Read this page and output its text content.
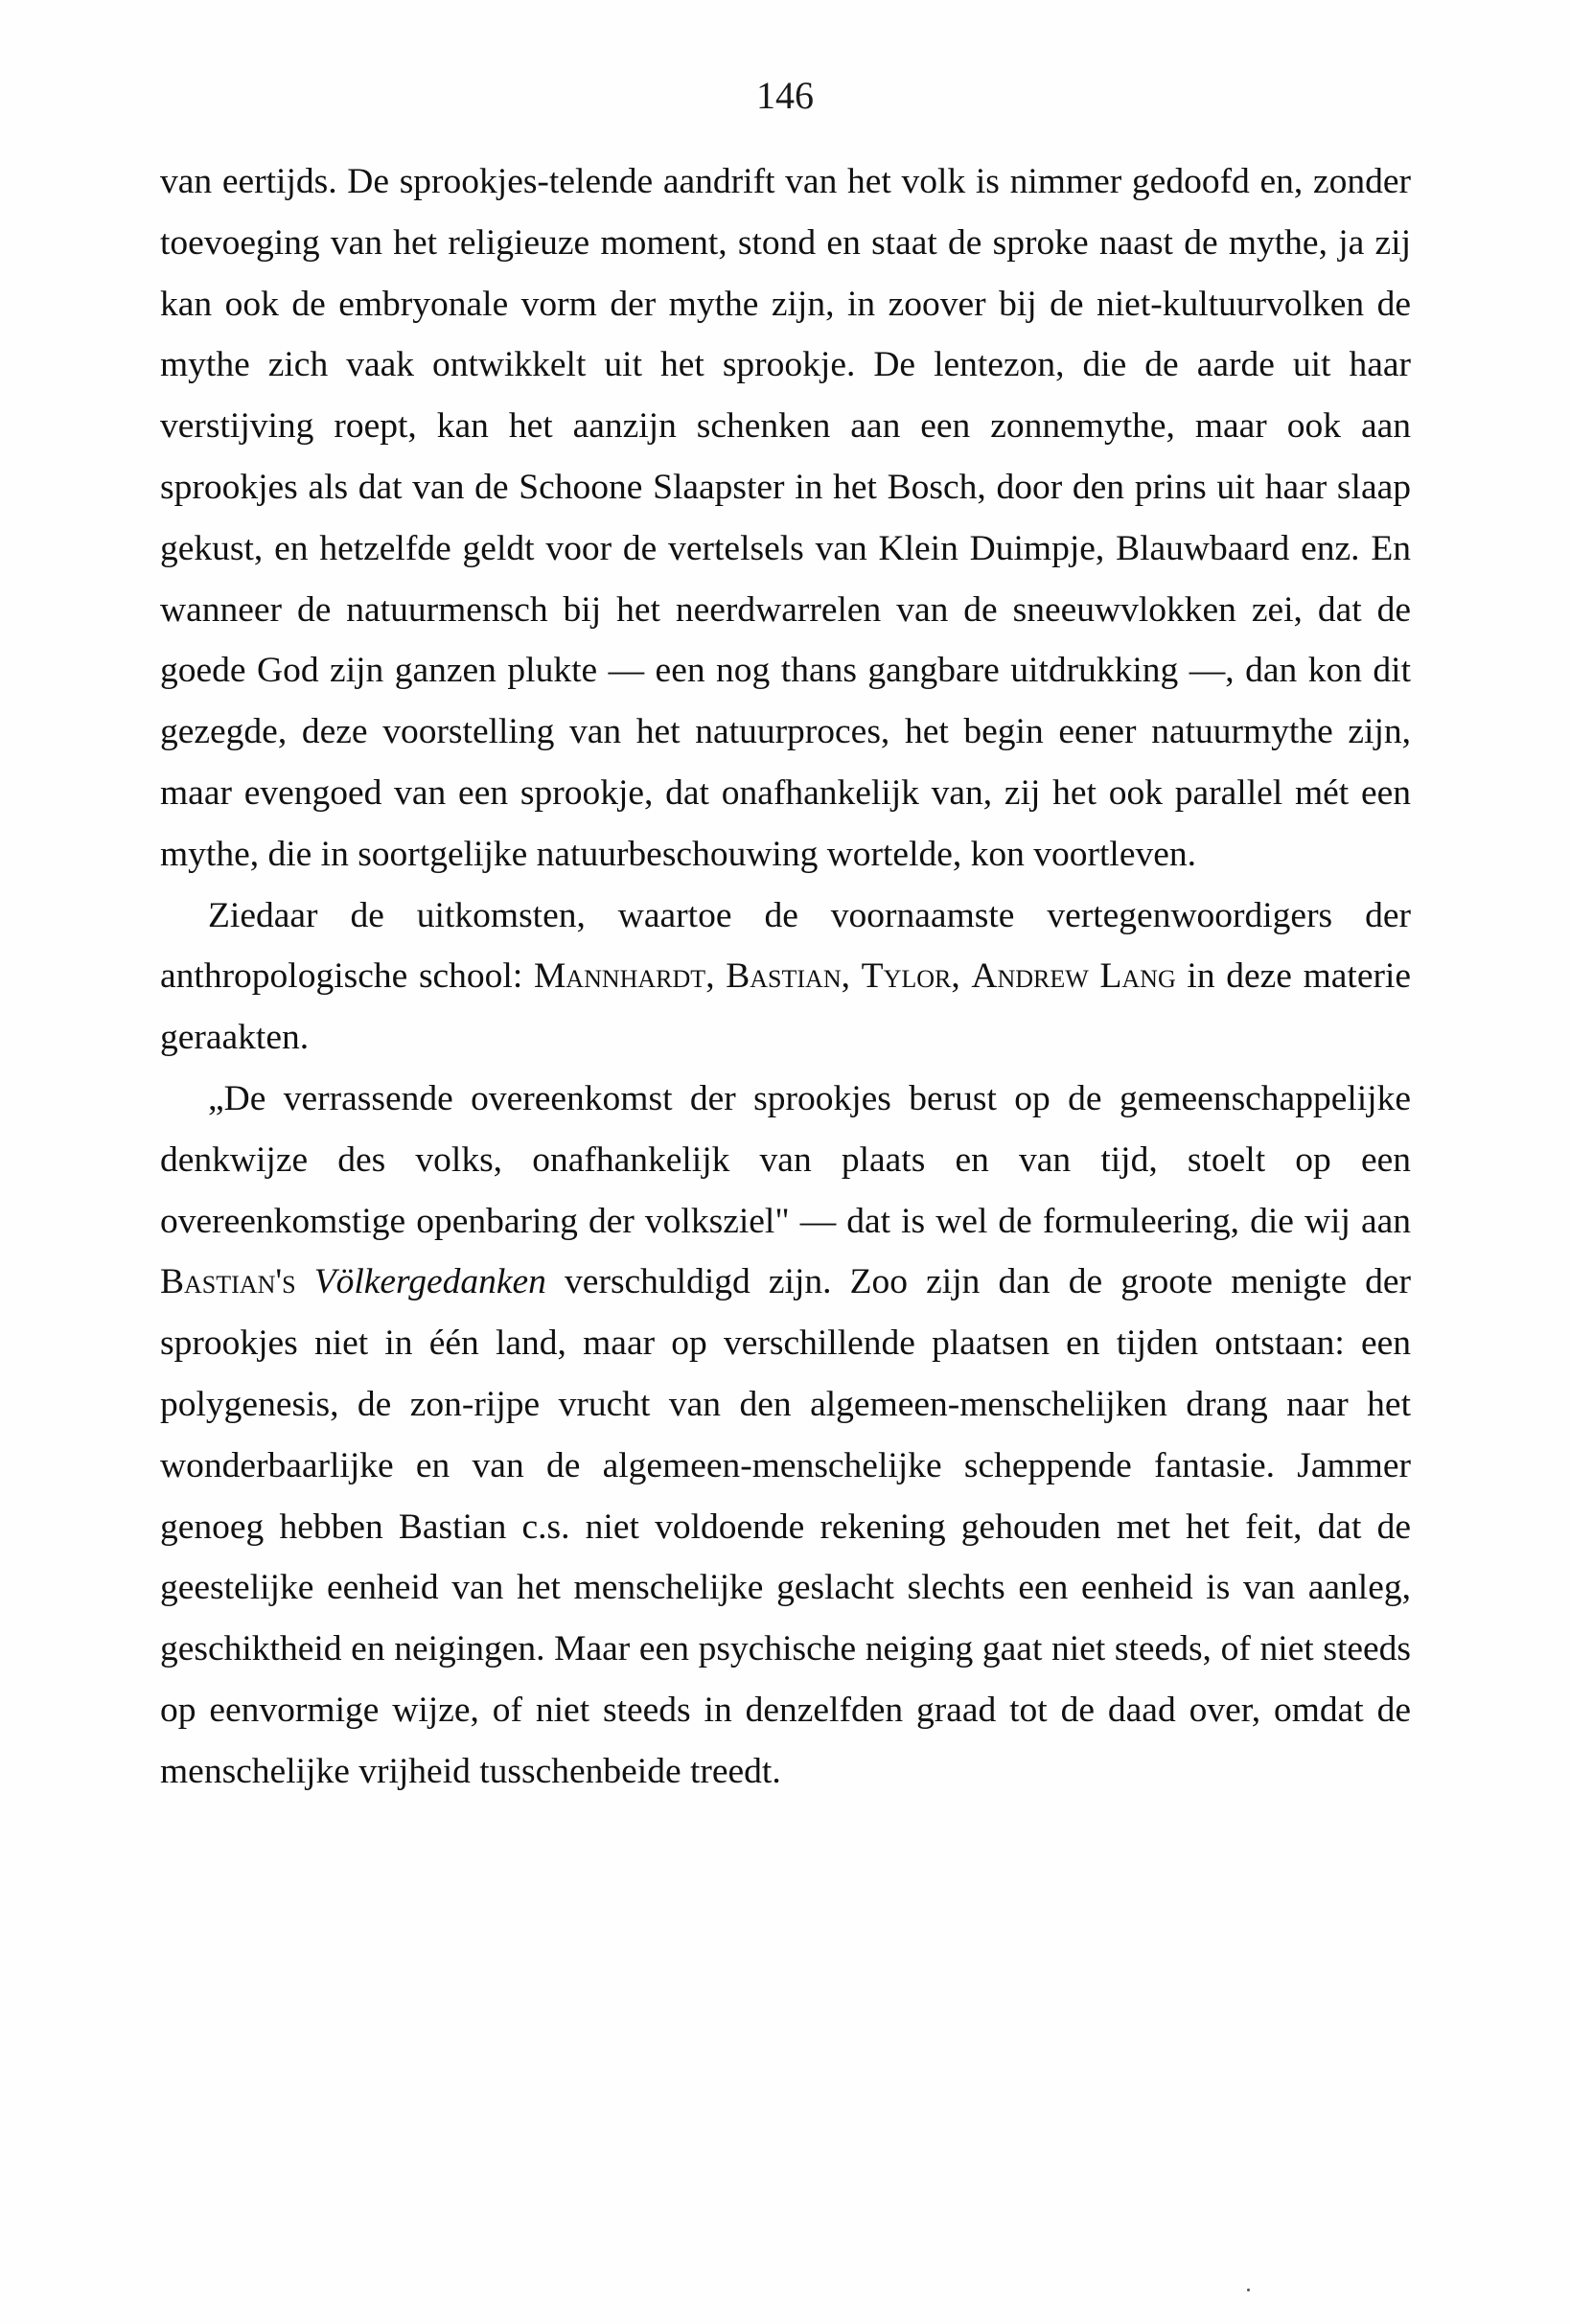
146

van eertijds. De sprookjes-telende aandrift van het volk is nimmer gedoofd en, zonder toevoeging van het religieuze moment, stond en staat de sproke naast de mythe, ja zij kan ook de embryonale vorm der mythe zijn, in zoover bij de niet-kultuurvolken de mythe zich vaak ontwikkelt uit het sprookje. De lentezon, die de aarde uit haar verstijving roept, kan het aanzijn schenken aan een zonnemythe, maar ook aan sprookjes als dat van de Schoone Slaapster in het Bosch, door den prins uit haar slaap gekust, en hetzelfde geldt voor de vertelsels van Klein Duimpje, Blauwbaard enz. En wanneer de natuurmensch bij het neerdwarrelen van de sneeuwvlokken zei, dat de goede God zijn ganzen plukte — een nog thans gangbare uitdrukking —, dan kon dit gezegde, deze voorstelling van het natuurproces, het begin eener natuurmythe zijn, maar evengoed van een sprookje, dat onafhankelijk van, zij het ook parallel mét een mythe, die in soortgelijke natuurbeschouwing wortelde, kon voortleven.

Ziedaar de uitkomsten, waartoe de voornaamste vertegenwoordigers der anthropologische school: Mannhardt, Bastian, Tylor, Andrew Lang in deze materie geraakten.

„De verrassende overeenkomst der sprookjes berust op de gemeenschappelijke denkwijze des volks, onafhankelijk van plaats en van tijd, stoelt op een overeenkomstige openbaring der volksziel" — dat is wel de formuleering, die wij aan Bastian's Völkergedanken verschuldigd zijn. Zoo zijn dan de groote menigte der sprookjes niet in één land, maar op verschillende plaatsen en tijden ontstaan: een polygenesis, de zon-rijpe vrucht van den algemeen-menschelijken drang naar het wonderbaarlijke en van de algemeen-menschelijke scheppende fantasie. Jammer genoeg hebben Bastian c.s. niet voldoende rekening gehouden met het feit, dat de geestelijke eenheid van het menschelijke geslacht slechts een eenheid is van aanleg, geschiktheid en neigingen. Maar een psychische neiging gaat niet steeds, of niet steeds op eenvormige wijze, of niet steeds in denzelfden graad tot de daad over, omdat de menschelijke vrijheid tusschenbeide treedt.
